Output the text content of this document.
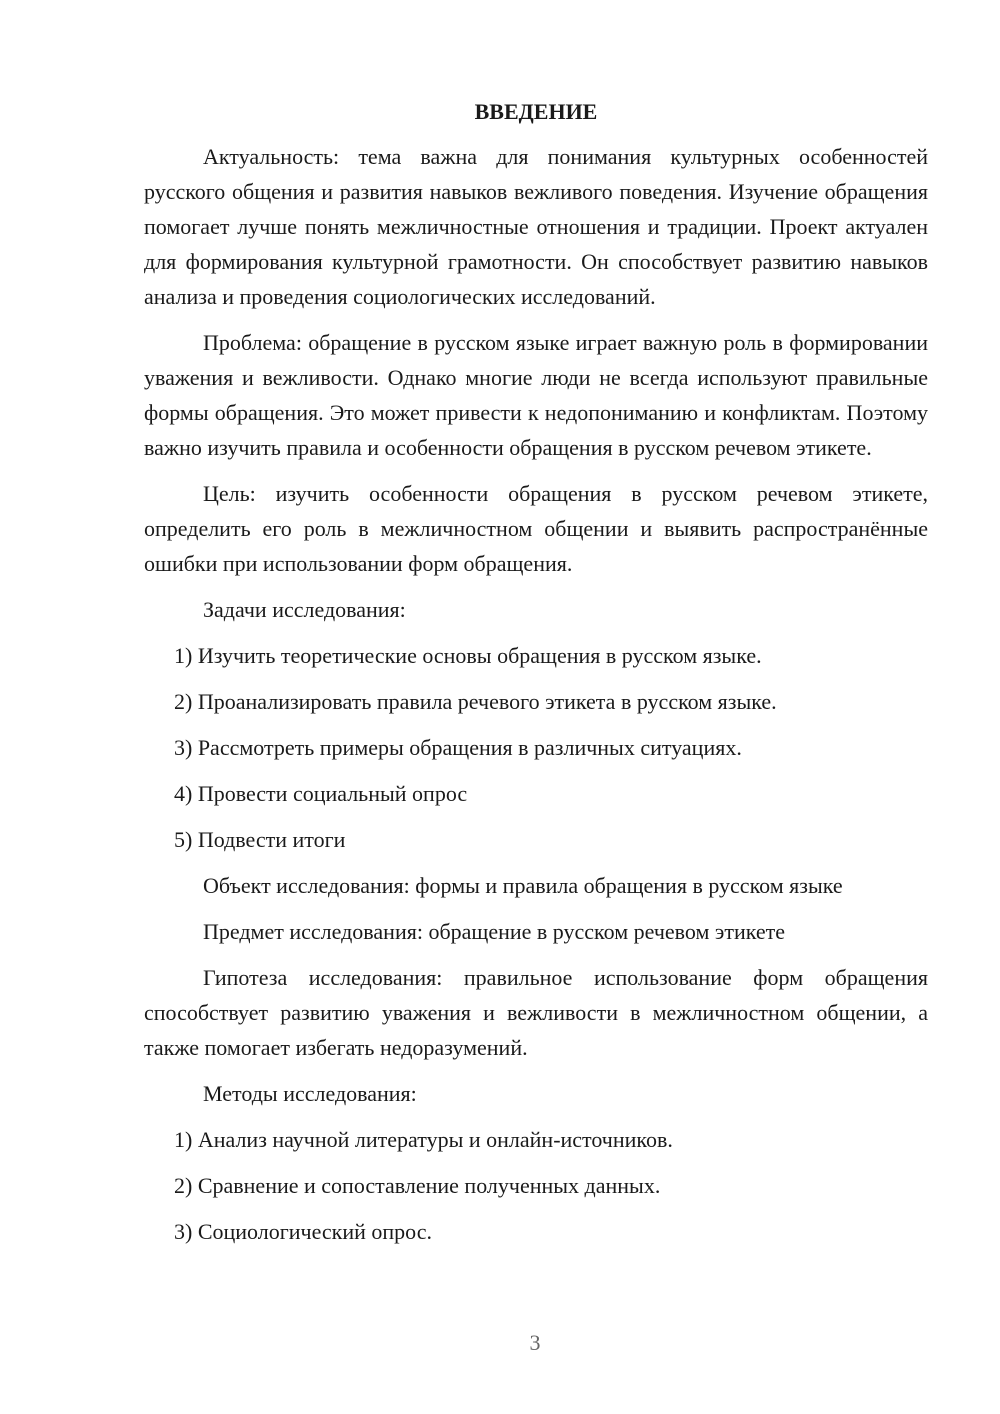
ВВЕДЕНИЕ

Актуальность: тема важна для понимания культурных особенностей русского общения и развития навыков вежливого поведения. Изучение обращения помогает лучше понять межличностные отношения и традиции. Проект актуален для формирования культурной грамотности. Он способствует развитию навыков анализа и проведения социологических исследований.

Проблема: обращение в русском языке играет важную роль в формировании уважения и вежливости. Однако многие люди не всегда используют правильные формы обращения. Это может привести к недопониманию и конфликтам. Поэтому важно изучить правила и особенности обращения в русском речевом этикете.

Цель: изучить особенности обращения в русском речевом этикете, определить его роль в межличностном общении и выявить распространённые ошибки при использовании форм обращения.

Задачи исследования:

1) Изучить теоретические основы обращения в русском языке.
2) Проанализировать правила речевого этикета в русском языке.
3) Рассмотреть примеры обращения в различных ситуациях.
4) Провести социальный опрос
5) Подвести итоги

Объект исследования: формы и правила обращения в русском языке

Предмет исследования: обращение в русском речевом этикете

Гипотеза исследования: правильное использование форм обращения способствует развитию уважения и вежливости в межличностном общении, а также помогает избегать недоразумений.

Методы исследования:

1) Анализ научной литературы и онлайн-источников.
2) Сравнение и сопоставление полученных данных.
3) Социологический опрос.
3
